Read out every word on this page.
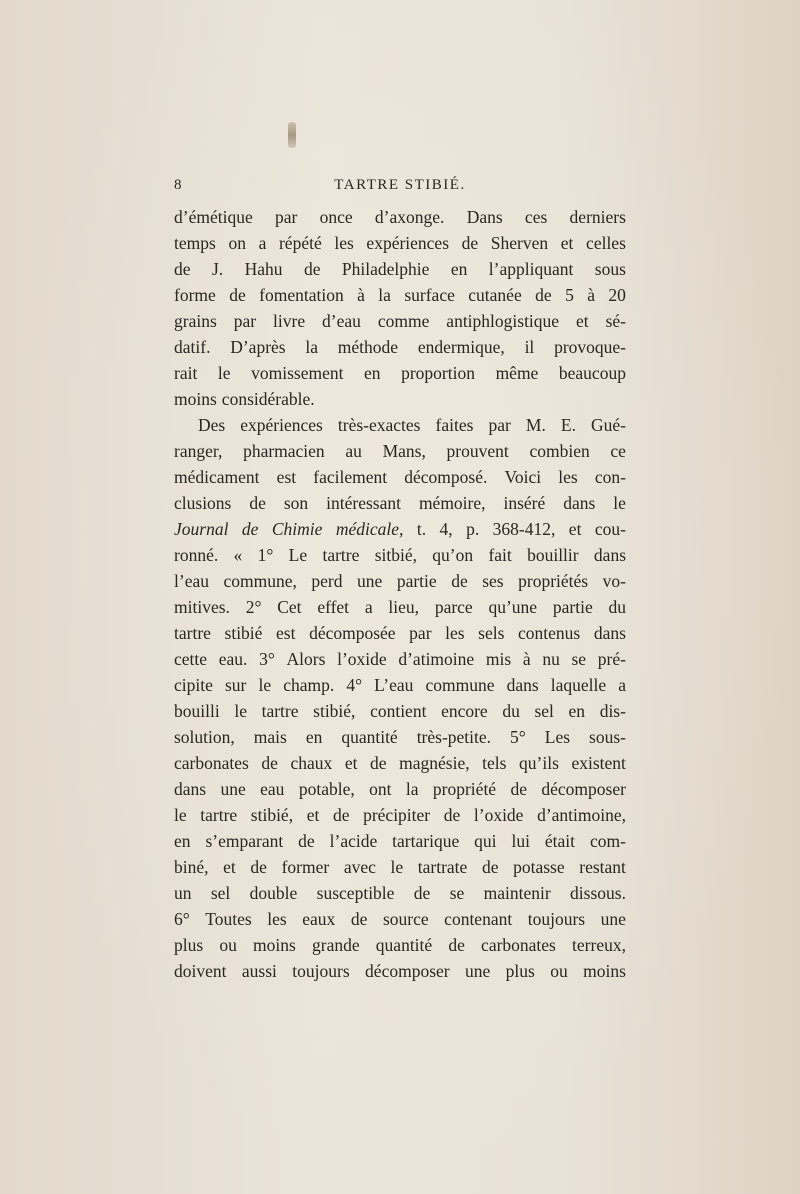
8	TARTRE STIBIÉ.
d’émétique par once d’axonge. Dans ces derniers
temps on a répété les expériences de Sherven et celles
de J. Hahu de Philadelphie en l’appliquant sous
forme de fomentation à la surface cutanée de 5 à 20
grains par livre d’eau comme antiphlogistique et sé-
datif. D’après la méthode endermique, il provoque-
rait le vomissement en proportion même beaucoup
moins considérable.
Des expériences très-exactes faites par M. E. Gué-
ranger, pharmacien au Mans, prouvent combien ce
médicament est facilement décomposé. Voici les con-
clusions de son intéressant mémoire, inséré dans le
Journal de Chimie médicale, t. 4, p. 368-412, et cou-
ronné. « 1° Le tartre sitbié, qu’on fait bouillir dans
l’eau commune, perd une partie de ses propriétés vo-
mitives. 2° Cet effet a lieu, parce qu’une partie du
tartre stibié est décomposée par les sels contenus dans
cette eau. 3° Alors l’oxide d’atimoine mis à nu se pré-
cipite sur le champ. 4° L’eau commune dans laquelle a
bouilli le tartre stibié, contient encore du sel en dis-
solution, mais en quantité très-petite. 5° Les sous-
carbonates de chaux et de magnésie, tels qu’ils existent
dans une eau potable, ont la propriété de décomposer
le tartre stibié, et de précipiter de l’oxide d’antimoine,
en s’emparant de l’acide tartarique qui lui était com-
biné, et de former avec le tartrate de potasse restant
un sel double susceptible de se maintenir dissous.
6° Toutes les eaux de source contenant toujours une
plus ou moins grande quantité de carbonates terreux,
doivent aussi toujours décomposer une plus ou moins
